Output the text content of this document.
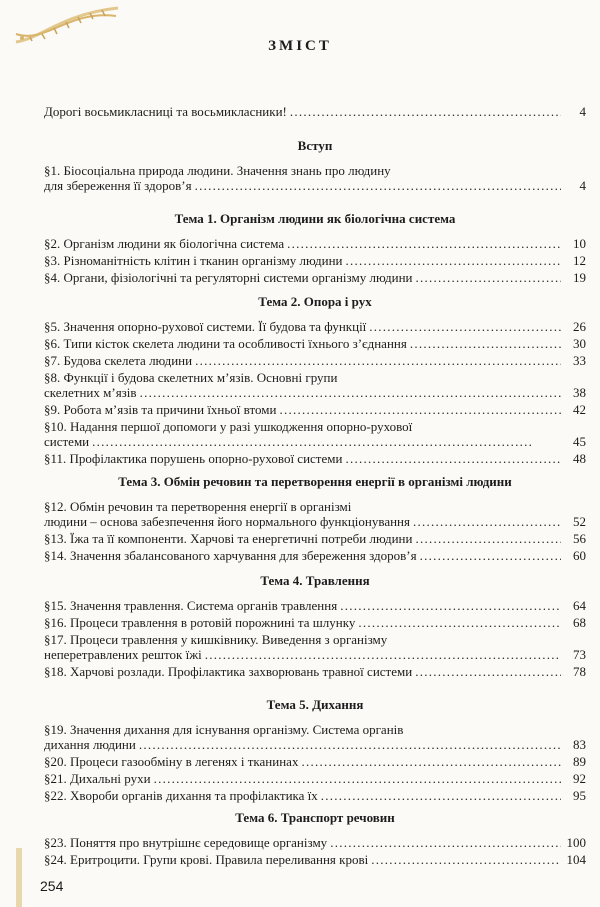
ЗМІСТ
Дорогі восьмикласниці та восьмикласники! . . .	4
Вступ
§1. Біосоціальна природа людини. Значення знань про людину
для збереження її здоров’я . . .	4
Тема 1. Організм людини як біологічна система
§2. Організм людини як біологічна система . . .	10
§3. Різноманітність клітин і тканин організму людини . . .	12
§4. Органи, фізіологічні та регуляторні системи організму людини . . .	19
Тема 2. Опора і рух
§5. Значення опорно-рухової системи. Її будова та функції . . .	26
§6. Типи кісток скелета людини та особливості їхнього з’єднання . . .	30
§7. Будова скелета людини . . .	33
§8. Функції і будова скелетних м’язів. Основні групи
скелетних м’язів . . .	38
§9. Робота м’язів та причини їхньої втоми . . .	42
§10. Надання першої допомоги у разі ушкодження опорно-рухової
системи . . .	45
§11. Профілактика порушень опорно-рухової системи . . .	48
Тема 3. Обмін речовин та перетворення енергії в організмі людини
§12. Обмін речовин та перетворення енергії в організмі
людини – основа забезпечення його нормального функціонування . . .	52
§13. Їжа та її компоненти. Харчові та енергетичні потреби людини . . .	56
§14. Значення збалансованого харчування для збереження здоров’я . . .	60
Тема 4. Травлення
§15. Значення травлення. Система органів травлення . . .	64
§16. Процеси травлення в ротовій порожнині та шлунку . . .	68
§17. Процеси травлення у кишківнику. Виведення з організму
неперетравлених решток їжі . . .	73
§18. Харчові розлади. Профілактика захворювань травної системи . . .	78
Тема 5. Дихання
§19. Значення дихання для існування організму. Система органів
дихання людини . . .	83
§20. Процеси газообміну в легенях і тканинах . . .	89
§21. Дихальні рухи . . .	92
§22. Хвороби органів дихання та профілактика їх . . .	95
Тема 6. Транспорт речовин
§23. Поняття про внутрішнє середовище організму . . .	100
§24. Еритроцити. Групи крові. Правила переливання крові . . .	104
254
